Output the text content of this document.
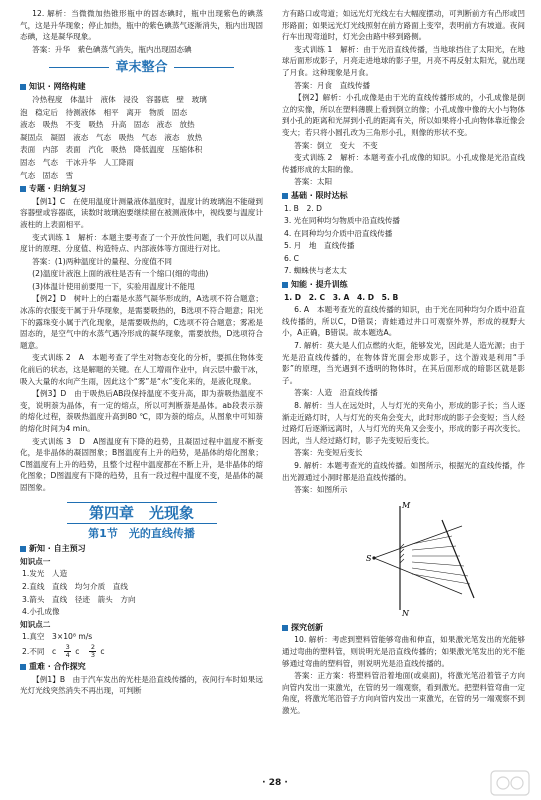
12. 解析：当微微加热锥形瓶中的固态碘时，瓶中出现紫色的碘蒸气，这是升华现象；停止加热，瓶中的紫色碘蒸气逐渐消失，瓶内出现固态碘，这是凝华现象。

答案：升华　紫色碘蒸气消失，瓶内出现固态碘

章末整合
知识 · 网络构建

冷热程度　体温计　液体　浸没　容器底　壁　玻璃

泡　稳定后　待测液体　相平　离开　物质　固态

液态　吸热　不变　吸热　升高　固态　液态　放热

凝固点　凝固　液态　气态　吸热　气态　液态　放热

表面　内部　表面　汽化　吸热　降低温度　压缩体积

固态　气态　干冰升华　人工降雨

气态　固态　雪

专题 · 归纳复习

【例1】C　在使用温度计测量液体温度时，温度计的玻璃泡不能碰到容器壁或容器底，读数时玻璃泡要继续留在被测液体中，视线要与温度计液柱的上表面相平。

变式训练 1　解析：本题主要考查了一个开放性问题，我们可以从温度计的原理、分度值、构造特点、内部液体等方面进行对比。

答案：(1)两种温度计的量程、分度值不同

(2)温度计液泡上面的液柱是否有一个缩口(细的弯曲)

(3)体温计使用前要甩一下，实验用温度计不能甩

【例2】D　树叶上的白霜是水蒸气凝华形成的，A选项不符合题意；冰冻的衣服变干属于升华现象，是需要吸热的，B选项不符合题意；阳光下的露珠变小属于汽化现象，是需要吸热的，C选项不符合题意；雾凇是固态的，是空气中的水蒸气遇冷形成的凝华现象，需要放热，D选项符合题意。

变式训练 2　A　本题考查了学生对物态变化的分析，要抓住物体变化前后的状态，这是解题的关键。在人工增雨作业中，向云层中撒干冰，吸入大量的水向产生雨，因此这个“雾”是“水”变化来的，是液化现象。

【例3】D　由于吸热后AB段保持温度不变升高，即为萘吸热温度不变，说明萘为晶体，有一定的熔点，所以可判断萘是晶体。ab段表示萘的熔化过程，萘吸热温度升高到80 ℃，即为萘的熔点，从图象中可知萘的熔化时间为4 min。

变式训练 3　D　A图温度有下降的趋势，且凝固过程中温度不断变化，是非晶体的凝固图象；B图温度有上升的趋势，是晶体的熔化图象；C图温度有上升的趋势，且整个过程中温度都在不断上升，是非晶体的熔化图象；D图温度有下降的趋势，且有一段过程中温度不变，是晶体的凝固图象。

第四章　光现象
第1节　光的直线传播
新知 · 自主预习

知识点一

1.发光　人造

2.直线　直线　均匀介质　直线

3.箭头　直线　径迹　箭头　方向

4.小孔成像

知识点二

1.真空　3×10⁸ m/s

2.不同　c 3
4 c 2
3 c

重难 · 合作探究

【例1】B　由于汽车发出的光柱是沿直线传播的，夜间行车时如果远光灯光线突然消失不再出现，可判断

方有路口或弯道；如远光灯光线左右大幅度摆动，可判断前方有凸形或凹形路面；如果远光灯光线照射在前方路面上变窄，表明前方有坡道。夜间行车出现弯道时，灯光会由路中移到路侧。

变式训练 1　解析：由于光沿直线传播，当地球挡住了太阳光，在地球后面形成影子，月亮走进地球的影子里，月亮不再反射太阳光，就出现了月食。这种现象是月食。

答案：月食　直线传播

【例2】解析：小孔成像是由于光的直线传播形成的，小孔成像是倒立的实像，所以在塑料薄膜上看到倒立的像；小孔成像中像的大小与物体到小孔的距离和光屏到小孔的距离有关，所以如果将小孔向物体靠近像会变大；若只将小圆孔改为三角形小孔，则像的形状不变。

答案：倒立　变大　不变

变式训练 2　解析：本题考查小孔成像的知识。小孔成像是光沿直线传播形成的太阳的像。

答案：太阳

基础 · 限时达标

1. B　2. D

3. 光在同种均匀物质中沿直线传播

4. 在同种均匀介质中沿直线传播

5. 月　地　直线传播

6. C

7. 蜘蛛侠与老太太

知能 · 提升训练

1. D　2. C　3. A　4. D　5. B

6. A　本题考查光的直线传播的知识，由于光在同种均匀介质中沿直线传播的，所以C，D错误；青蛙通过井口可观察外界，形成的视野大小，A正确，B错误。故本题选A。

7. 解析：莫大是人们点燃的火炬，能够发光，因此是人造光源；由于光是沿直线传播的，在物体背光面会形成影子，这个游戏是利用“手影”的原理，当光遇到不透明的物体时，在其后面形成的暗影区就是影子。

答案：人造　沿直线传播

8. 解析：当人在远处时，人与灯光的夹角小，形成的影子长；当人逐渐走近路灯时，人与灯光的夹角会变大，此时形成的影子会变短；当人经过路灯后逐渐远离时，人与灯光的夹角又会变小，形成的影子再次变长。因此，当人经过路灯时，影子先变短后变长。

答案：先变短后变长

9. 解析：本题考查光的直线传播。如图所示，根据光的直线传播，作出光源通过小洞时都是沿直线传播的。

答案：如图所示

M
N
S
探究创新

10. 解析：考虑到塑料管能够弯曲和伸直，如果激光笔发出的光能够通过弯曲的塑料管，则说明光是沿直线传播的；如果激光笔发出的光不能够通过弯曲的塑料管，则说明光是沿直线传播的。

答案：正方案：将塑料管沿着地面(或桌面)，将激光笔沿着管子方向向管内发出一束激光，在管的另一端观察，看到激光。把塑料管弯曲一定角度，将激光笔沿管子方向向管内发出一束激光，在管的另一端观察不到激光。

· 28 ·
